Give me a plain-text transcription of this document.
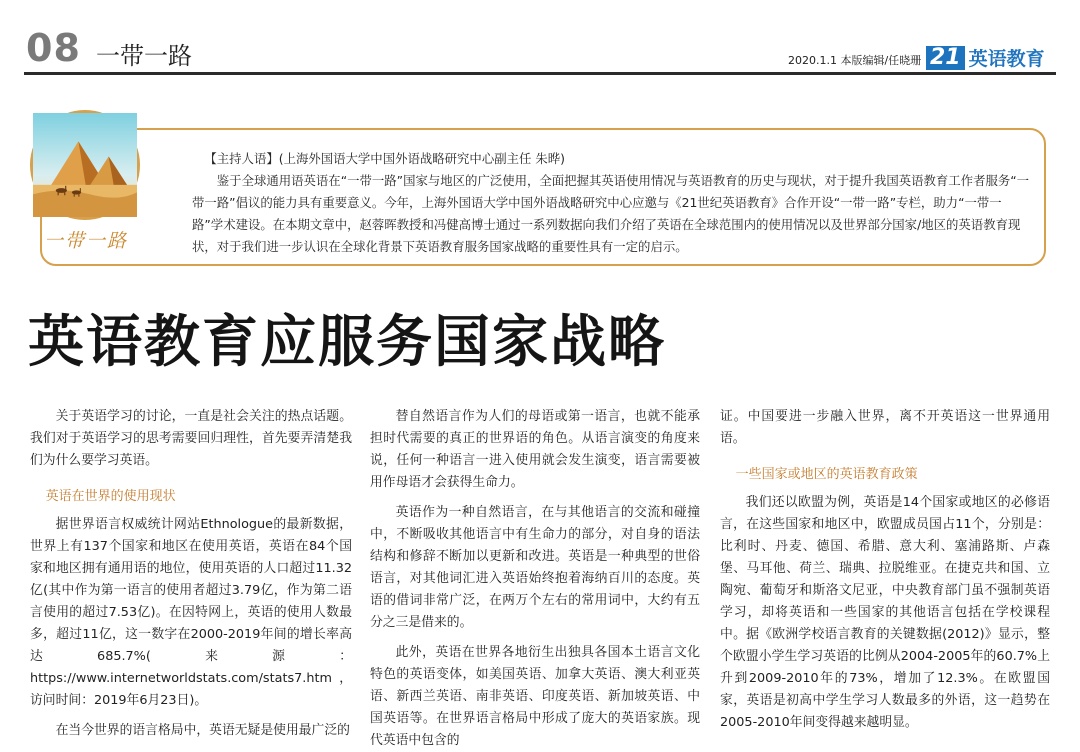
08 一带一路	2020.1.1 本版编辑/任晓珊 21 英语教育

【主持人语】(上海外国语大学中国外语战略研究中心副主任 朱晔)

鉴于全球通用语英语在“一带一路”国家与地区的广泛使用，全面把握其英语使用情况与英语教育的历史与现状，对于提升我国英语教育工作者服务“一带一路”倡议的能力具有重要意义。今年，上海外国语大学中国外语战略研究中心应邀与《21世纪英语教育》合作开设“一带一路”专栏，助力“一带一路”学术建设。在本期文章中，赵蓉晖教授和冯健高博士通过一系列数据向我们介绍了英语在全球范围内的使用情况以及世界部分国家/地区的英语教育现状，对于我们进一步认识在全球化背景下英语教育服务国家战略的重要性具有一定的启示。

一带一路
英语教育应服务国家战略

关于英语学习的讨论，一直是社会关注的热点话题。我们对于英语学习的思考需要回归理性，首先要弄清楚我们为什么要学习英语。

英语在世界的使用现状

据世界语言权威统计网站Ethnologue的最新数据，世界上有137个国家和地区在使用英语，英语在84个国家和地区拥有通用语的地位，使用英语的人口超过11.32亿(其中作为第一语言的使用者超过3.79亿，作为第二语言使用的超过7.53亿)。在因特网上，英语的使用人数最多，超过11亿，这一数字在2000-2019年间的增长率高达685.7%(来源：https://www.internetworldstats.com/stats7.htm，访问时间：2019年6月23日)。

在当今世界的语言格局中，英语无疑是使用最广泛的

替自然语言作为人们的母语或第一语言，也就不能承担时代需要的真正的世界语的角色。从语言演变的角度来说，任何一种语言一进入使用就会发生演变，语言需要被用作母语才会获得生命力。

英语作为一种自然语言，在与其他语言的交流和碰撞中，不断吸收其他语言中有生命力的部分，对自身的语法结构和修辞不断加以更新和改进。英语是一种典型的世俗语言，对其他词汇进入英语始终抱着海纳百川的态度。英语的借词非常广泛，在两万个左右的常用词中，大约有五分之三是借来的。

此外，英语在世界各地衍生出独具各国本土语言文化特色的英语变体，如美国英语、加拿大英语、澳大利亚英语、新西兰英语、南非英语、印度英语、新加坡英语、中国英语等。在世界语言格局中形成了庞大的英语家族。现代英语中包含的

证。中国要进一步融入世界，离不开英语这一世界通用语。

一些国家或地区的英语教育政策

我们还以欧盟为例，英语是14个国家或地区的必修语言，在这些国家和地区中，欧盟成员国占11个，分别是：比利时、丹麦、德国、希腊、意大利、塞浦路斯、卢森堡、马耳他、荷兰、瑞典、拉脱维亚。在捷克共和国、立陶宛、葡萄牙和斯洛文尼亚，中央教育部门虽不强制英语学习，却将英语和一些国家的其他语言包括在学校课程中。据《欧洲学校语言教育的关键数据(2012)》显示，整个欧盟小学生学习英语的比例从2004-2005年的60.7%上升到2009-2010年的73%，增加了12.3%。在欧盟国家，英语是初高中学生学习人数最多的外语，这一趋势在2005-2010年间变得越来越明显。
